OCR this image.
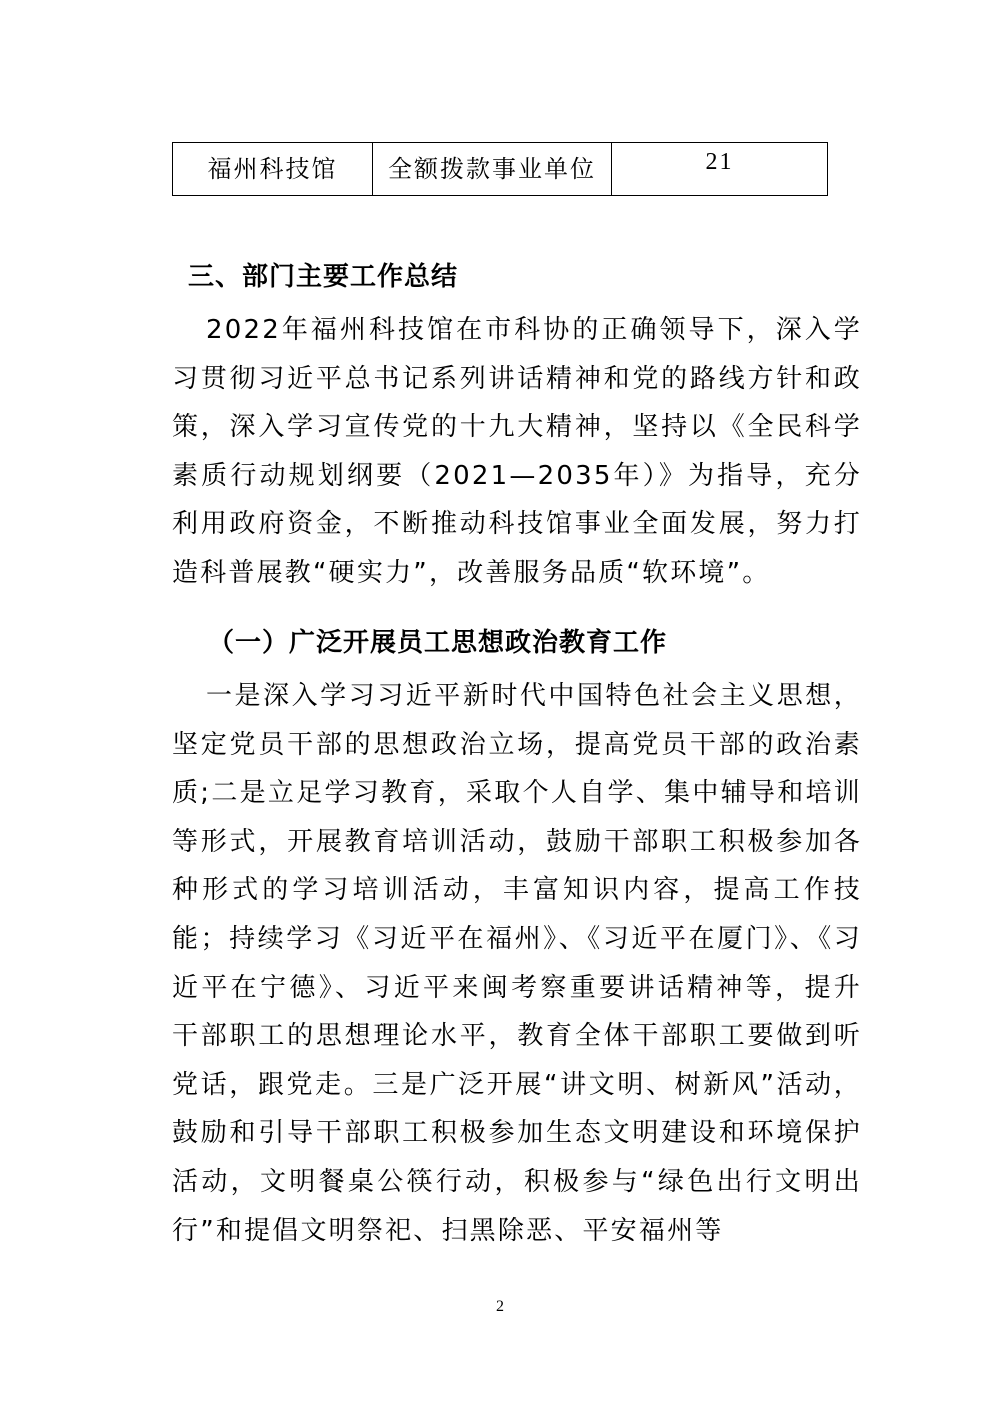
福州科技馆	全额拨款事业单位	21
三、部门主要工作总结

2022年福州科技馆在市科协的正确领导下，深入学习贯彻习近平总书记系列讲话精神和党的路线方针和政策，深入学习宣传党的十九大精神，坚持以《全民科学素质行动规划纲要（2021—2035年）》为指导，充分利用政府资金，不断推动科技馆事业全面发展，努力打造科普展教“硬实力”，改善服务品质“软环境”。

（一）广泛开展员工思想政治教育工作

一是深入学习习近平新时代中国特色社会主义思想，坚定党员干部的思想政治立场，提高党员干部的政治素质;二是立足学习教育，采取个人自学、集中辅导和培训等形式，开展教育培训活动，鼓励干部职工积极参加各种形式的学习培训活动，丰富知识内容，提高工作技能；持续学习《习近平在福州》、《习近平在厦门》、《习近平在宁德》、习近平来闽考察重要讲话精神等，提升干部职工的思想理论水平，教育全体干部职工要做到听党话，跟党走。三是广泛开展“讲文明、树新风”活动，鼓励和引导干部职工积极参加生态文明建设和环境保护活动，文明餐桌公筷行动，积极参与“绿色出行文明出行”和提倡文明祭祀、扫黑除恶、平安福州等

2
